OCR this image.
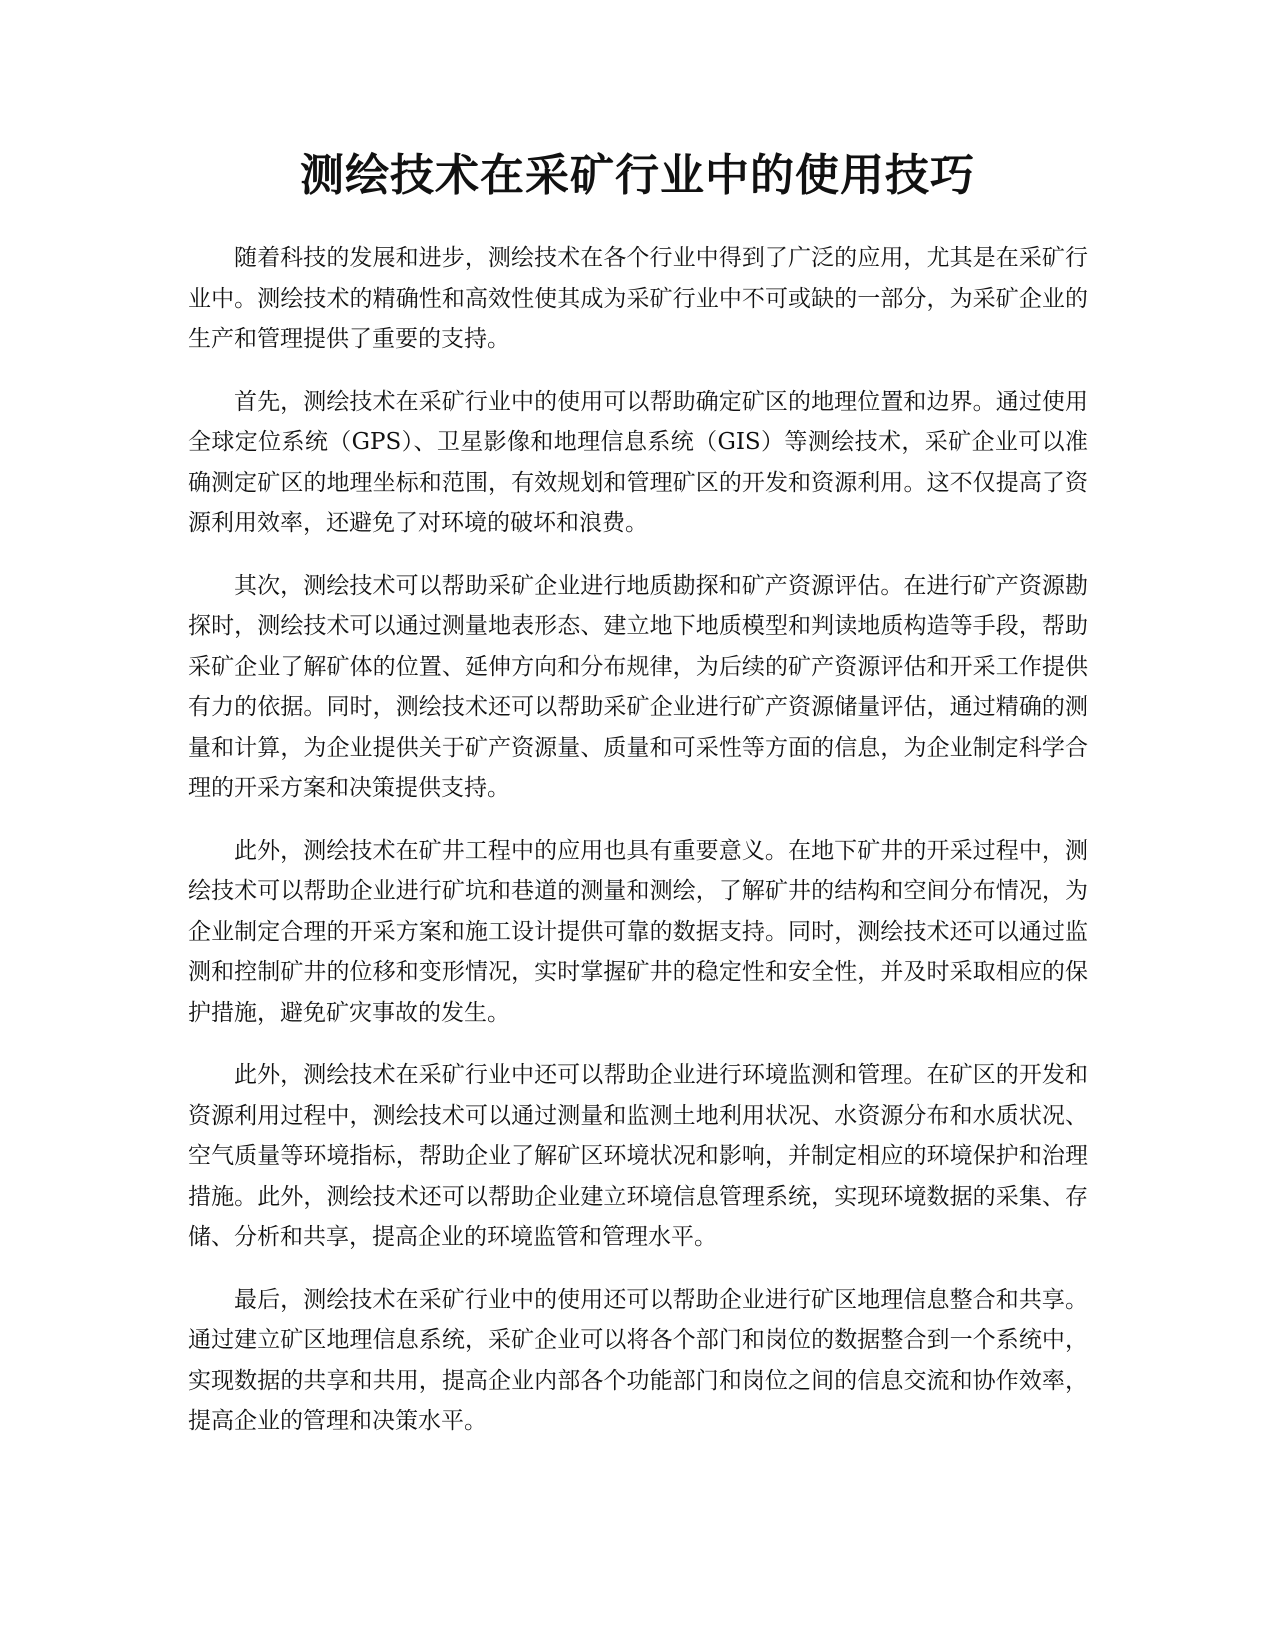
测绘技术在采矿行业中的使用技巧

随着科技的发展和进步，测绘技术在各个行业中得到了广泛的应用，尤其是在采矿行业中。测绘技术的精确性和高效性使其成为采矿行业中不可或缺的一部分，为采矿企业的生产和管理提供了重要的支持。

首先，测绘技术在采矿行业中的使用可以帮助确定矿区的地理位置和边界。通过使用全球定位系统（GPS）、卫星影像和地理信息系统（GIS）等测绘技术，采矿企业可以准确测定矿区的地理坐标和范围，有效规划和管理矿区的开发和资源利用。这不仅提高了资源利用效率，还避免了对环境的破坏和浪费。

其次，测绘技术可以帮助采矿企业进行地质勘探和矿产资源评估。在进行矿产资源勘探时，测绘技术可以通过测量地表形态、建立地下地质模型和判读地质构造等手段，帮助采矿企业了解矿体的位置、延伸方向和分布规律，为后续的矿产资源评估和开采工作提供有力的依据。同时，测绘技术还可以帮助采矿企业进行矿产资源储量评估，通过精确的测量和计算，为企业提供关于矿产资源量、质量和可采性等方面的信息，为企业制定科学合理的开采方案和决策提供支持。

此外，测绘技术在矿井工程中的应用也具有重要意义。在地下矿井的开采过程中，测绘技术可以帮助企业进行矿坑和巷道的测量和测绘，了解矿井的结构和空间分布情况，为企业制定合理的开采方案和施工设计提供可靠的数据支持。同时，测绘技术还可以通过监测和控制矿井的位移和变形情况，实时掌握矿井的稳定性和安全性，并及时采取相应的保护措施，避免矿灾事故的发生。

此外，测绘技术在采矿行业中还可以帮助企业进行环境监测和管理。在矿区的开发和资源利用过程中，测绘技术可以通过测量和监测土地利用状况、水资源分布和水质状况、空气质量等环境指标，帮助企业了解矿区环境状况和影响，并制定相应的环境保护和治理措施。此外，测绘技术还可以帮助企业建立环境信息管理系统，实现环境数据的采集、存储、分析和共享，提高企业的环境监管和管理水平。

最后，测绘技术在采矿行业中的使用还可以帮助企业进行矿区地理信息整合和共享。通过建立矿区地理信息系统，采矿企业可以将各个部门和岗位的数据整合到一个系统中，实现数据的共享和共用，提高企业内部各个功能部门和岗位之间的信息交流和协作效率，提高企业的管理和决策水平。
